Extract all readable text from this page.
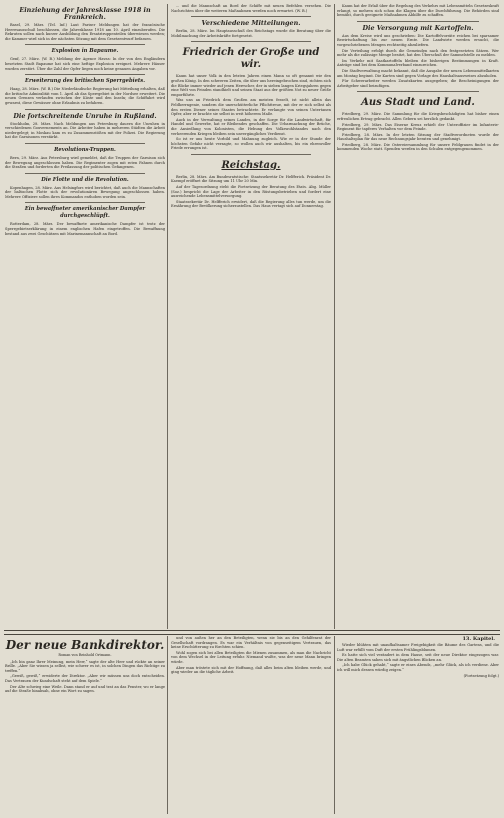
Einziehung der Jahresklasse 1918 in Frankreich.
Basel, 29. März. (Tel. Inf.) Laut Pariser Meldungen hat der französische Heeresausschuß beschlossen, die Jahresklasse 1918 am 10. April einzuberufen. Die Rekruten sollen nach kurzer Ausbildung den Ersatztruppenteilen überwiesen werden; die Kammer wird sich in der nächsten Sitzung mit dem Gesetzentwurf befassen.
Explosion in Bapaume.
Genf, 27. März. (W. B.) Meldung der Agence Havas: In der von den Engländern besetzten Stadt Bapaume hat sich eine heftige Explosion ereignet. Mehrere Häuser wurden zerstört. Über die Zahl der Opfer liegen noch keine genauen Angaben vor.
Erweiterung des britischen Sperrgebiets.
Haag, 28. März. (W. B.) Die Niederländische Regierung hat Mitteilung erhalten, daß die britische Admiralität vom 1. April ab das Sperrgebiet in der Nordsee erweitert. Die neuen Grenzen verlaufen zwischen der Küste und den Inseln; die Schiffahrt wird gewarnt, diese Gewässer ohne Erlaubnis zu befahren.
Die fortschreitende Unruhe in Rußland.
Stockholm, 28. März. Nach Meldungen aus Petersburg dauern die Unruhen in verschiedenen Gouvernements an. Die Arbeiter haben in mehreren Städten die Arbeit niedergelegt; in Moskau kam es zu Zusammenstößen mit der Polizei. Die Regierung hat die Garnisonen verstärkt.
Revolutions-Truppen.
Bern, 29. März. Aus Petersburg wird gemeldet, daß die Truppen der Garnison sich der Bewegung angeschlossen haben. Die Regimenter zogen mit roten Fahnen durch die Straßen und forderten die Freilassung der politischen Gefangenen.
Die Flotte und die Revolution.
Kopenhagen, 28. März. Aus Helsingfors wird berichtet, daß auch die Mannschaften der baltischen Flotte sich der revolutionären Bewegung angeschlossen haben. Mehrere Offiziere sollen ihres Kommandos enthoben worden sein.
Ein bewaffneter amerikanischer Dampfer durchgeschlüpft.
Rotterdam, 28. März. Der bewaffnete amerikanische Dampfer ist trotz der Sperrgebietserklärung in einem englischen Hafen eingetroffen. Die Bewaffnung bestand aus zwei Geschützen mit Marinemannschaft an Bord.
... und die Mannschaft an Bord der Schiffe mit neuen Befehlen versehen. Die Nachrichten über die weiteren Maßnahmen werden noch erwartet. (W. B.)
Verschiedene Mitteilungen.
Berlin, 28. März. Im Hauptausschuß des Reichstags wurde die Beratung über die Mobilmachung der Arbeitskräfte fortgesetzt.
Friedrich der Große und wir.
Kaum hat unser Volk in den letzten Jahren einen Mann so oft genannt wie den großen König. In den schweren Zeiten, die über uns hereingebrochen sind, richten sich die Blicke immer wieder auf jenen Herrscher, der in sieben langen Kriegsjahren gegen eine Welt von Feinden standhielt und seinen Staat aus der größten Not zu neuer Größe emporführte.
Was uns an Friedrich dem Großen am meisten fesselt, ist nicht allein das Feldherrngenie, sondern die unerschütterliche Pflichttreue, mit der er sich selbst als den ersten Diener seines Staates betrachtete. Er verlangte von seinen Untertanen Opfer, aber er brachte sie selbst in weit höherem Maße.
Auch in der Verwaltung seines Landes, in der Sorge für die Landwirtschaft, für Handel und Gewerbe, hat er Bleibendes geschaffen. Die Urbarmachung der Brüche, die Ansiedlung von Kolonisten, die Hebung des Volkswohlstandes nach den verheerenden Kriegen bleiben sein unvergängliches Verdienst.
So ist er uns heute Vorbild und Mahnung zugleich. Wie er in der Stunde der höchsten Gefahr nicht verzagte, so wollen auch wir aushalten, bis ein ehrenvoller Friede errungen ist.
Reichstag.
Berlin, 28. März. Am Bundesratstische: Staatssekretär Dr. Helfferich. Präsident Dr. Kaempf eröffnet die Sitzung um 11 Uhr 20 Min.
Auf der Tagesordnung steht die Fortsetzung der Beratung des Etats. Abg. Müller (Soz.) bespricht die Lage der Arbeiter in den Rüstungsbetrieben und fordert eine ausreichende Lebensmittelversorgung.
Staatssekretär Dr. Helfferich erwidert, daß die Regierung alles tun werde, um die Ernährung der Bevölkerung sicherzustellen. Das Haus vertagt sich auf Donnerstag.
Kaum hat der Erlaß über die Regelung des Verkehrs mit Lebensmitteln Gesetzeskraft erlangt, so mehren sich schon die Klagen über die Durchführung. Die Behörden sind bemüht, durch geeignete Maßnahmen Abhilfe zu schaffen.
Die Versorgung mit Kartoffeln.
Aus dem Kreise wird uns geschrieben: Die Kartoffelvorräte reichen bei sparsamer Bewirtschaftung bis zur neuen Ernte. Die Landwirte werden ersucht, die vorgeschriebenen Mengen rechtzeitig abzuliefern.
Die Verteilung erfolgt durch die Gemeinden nach den festgesetzten Sätzen. Wer mehr als die zulässige Menge besitzt, hat den Überschuß der Sammelstelle zu melden.
Im Verkehr mit Saatkartoffeln bleiben die bisherigen Bestimmungen in Kraft. Anträge sind bei dem Kommunalverband einzureichen.
Die Stadtverwaltung macht bekannt, daß die Ausgabe der neuen Lebensmittelkarten am Montag beginnt. Die Karten sind gegen Vorlage des Haushaltsausweises abzuholen.
Für Schwerarbeiter werden Zusatzkarten ausgegeben; die Bescheinigungen der Arbeitgeber sind beizufügen.
Aus Stadt und Land.
Friedberg, 29. März. Die Sammlung für die Kriegsbeschädigten hat bisher einen erfreulichen Ertrag gebracht. Allen Gebern sei herzlich gedankt.
Friedberg, 29. März. Das Eiserne Kreuz erhielt der Unteroffizier im Infanterie-Regiment für tapferes Verhalten vor dem Feinde.
Friedberg, 28. März. In der letzten Sitzung der Stadtverordneten wurde der Haushaltsplan für das neue Rechnungsjahr beraten und genehmigt.
Friedberg, 28. März. Die Ostereiersammlung für unsere Feldgrauen findet in der kommenden Woche statt. Spenden werden in den Schulen entgegengenommen.
Der neue Bankdirektor.
Roman von Reinhold Ortmann.
„Ich bin ganz Ihrer Meinung, mein Herr,“ sagte der alte Herr und rückte an seiner Brille. „Aber Sie wissen ja selbst, wie schwer es ist, in solchen Dingen das Richtige zu treffen.“
„Gewiß, gewiß,“ erwiderte der Direktor. „Aber wir müssen uns doch entscheiden. Das Vertrauen der Kundschaft steht auf dem Spiele.“
Der Alte schwieg eine Weile. Dann stand er auf und trat an das Fenster, wo er lange auf die Straße hinabsah, ohne ein Wort zu sagen.
und von außen her an den Beteiligten, wenn sie bis an den Gehilfenrat der Gesellschaft vordrangen. Es war ein Verhältnis von gegenseitigem Vertrauen, das keine Erschütterung zu fürchten schien.
Wohl zogen sich bei allen Beteiligten die Mienen zusammen, als man die Nachricht von dem Wechsel in der Leitung erfuhr. Niemand wußte, was der neue Mann bringen würde.
Aber man tröstete sich mit der Hoffnung, daß alles beim alten bleiben werde, und ging wieder an die tägliche Arbeit.
13. Kapitel.
Wieder blühten mit unaufhaltsamer Freigebigkeit die Bäume des Gartens, und die Luft war erfüllt vom Duft der ersten Frühlingsblumen.
Es hatte sich viel verändert in dem Hause, seit der neue Direktor eingezogen war. Die alten Beamten sahen sich mit ängstlichen Blicken an.
„Ich habe Glück gehabt,“ sagte er eines Abends, „mehr Glück, als ich verdiene. Aber ich will mich dessen würdig zeigen.“
(Fortsetzung folgt.)
